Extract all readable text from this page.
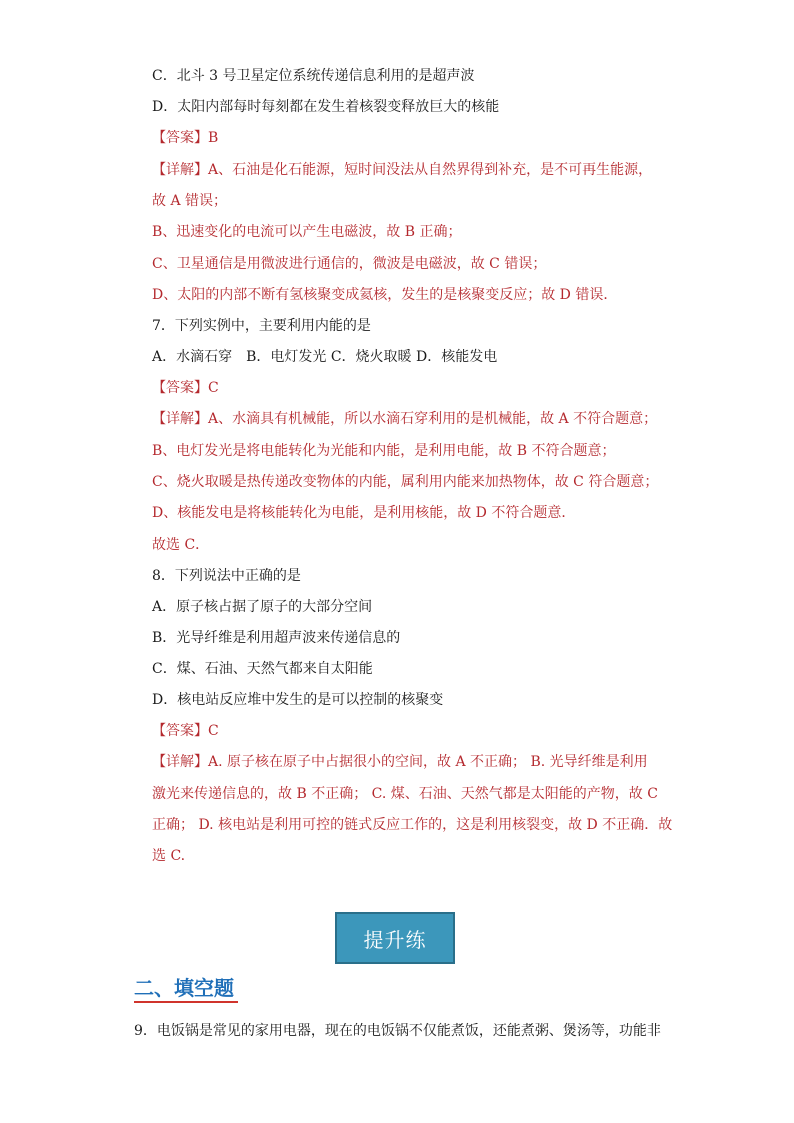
C．北斗 3 号卫星定位系统传递信息利用的是超声波
D．太阳内部每时每刻都在发生着核裂变释放巨大的核能
【答案】B
【详解】A、石油是化石能源，短时间没法从自然界得到补充，是不可再生能源，
故 A 错误；
B、迅速变化的电流可以产生电磁波，故 B 正确；
C、卫星通信是用微波进行通信的，微波是电磁波，故 C 错误；
D、太阳的内部不断有氢核聚变成氦核，发生的是核聚变反应；故 D 错误．
7．下列实例中，主要利用内能的是
A．水滴石穿　B．电灯发光 C．烧火取暖 D．核能发电
【答案】C
【详解】A、水滴具有机械能，所以水滴石穿利用的是机械能，故 A 不符合题意；
B、电灯发光是将电能转化为光能和内能，是利用电能，故 B 不符合题意；
C、烧火取暖是热传递改变物体的内能，属利用内能来加热物体，故 C 符合题意；
D、核能发电是将核能转化为电能，是利用核能，故 D 不符合题意．
故选 C．
8．下列说法中正确的是
A．原子核占据了原子的大部分空间
B．光导纤维是利用超声波来传递信息的
C．煤、石油、天然气都来自太阳能
D．核电站反应堆中发生的是可以控制的核聚变
【答案】C
【详解】A. 原子核在原子中占据很小的空间，故 A 不正确； B. 光导纤维是利用
激光来传递信息的，故 B 不正确； C. 煤、石油、天然气都是太阳能的产物，故 C
正确； D. 核电站是利用可控的链式反应工作的，这是利用核裂变，故 D 不正确．故
选 C.
提升练
二、填空题
9．电饭锅是常见的家用电器，现在的电饭锅不仅能煮饭，还能煮粥、煲汤等，功能非
